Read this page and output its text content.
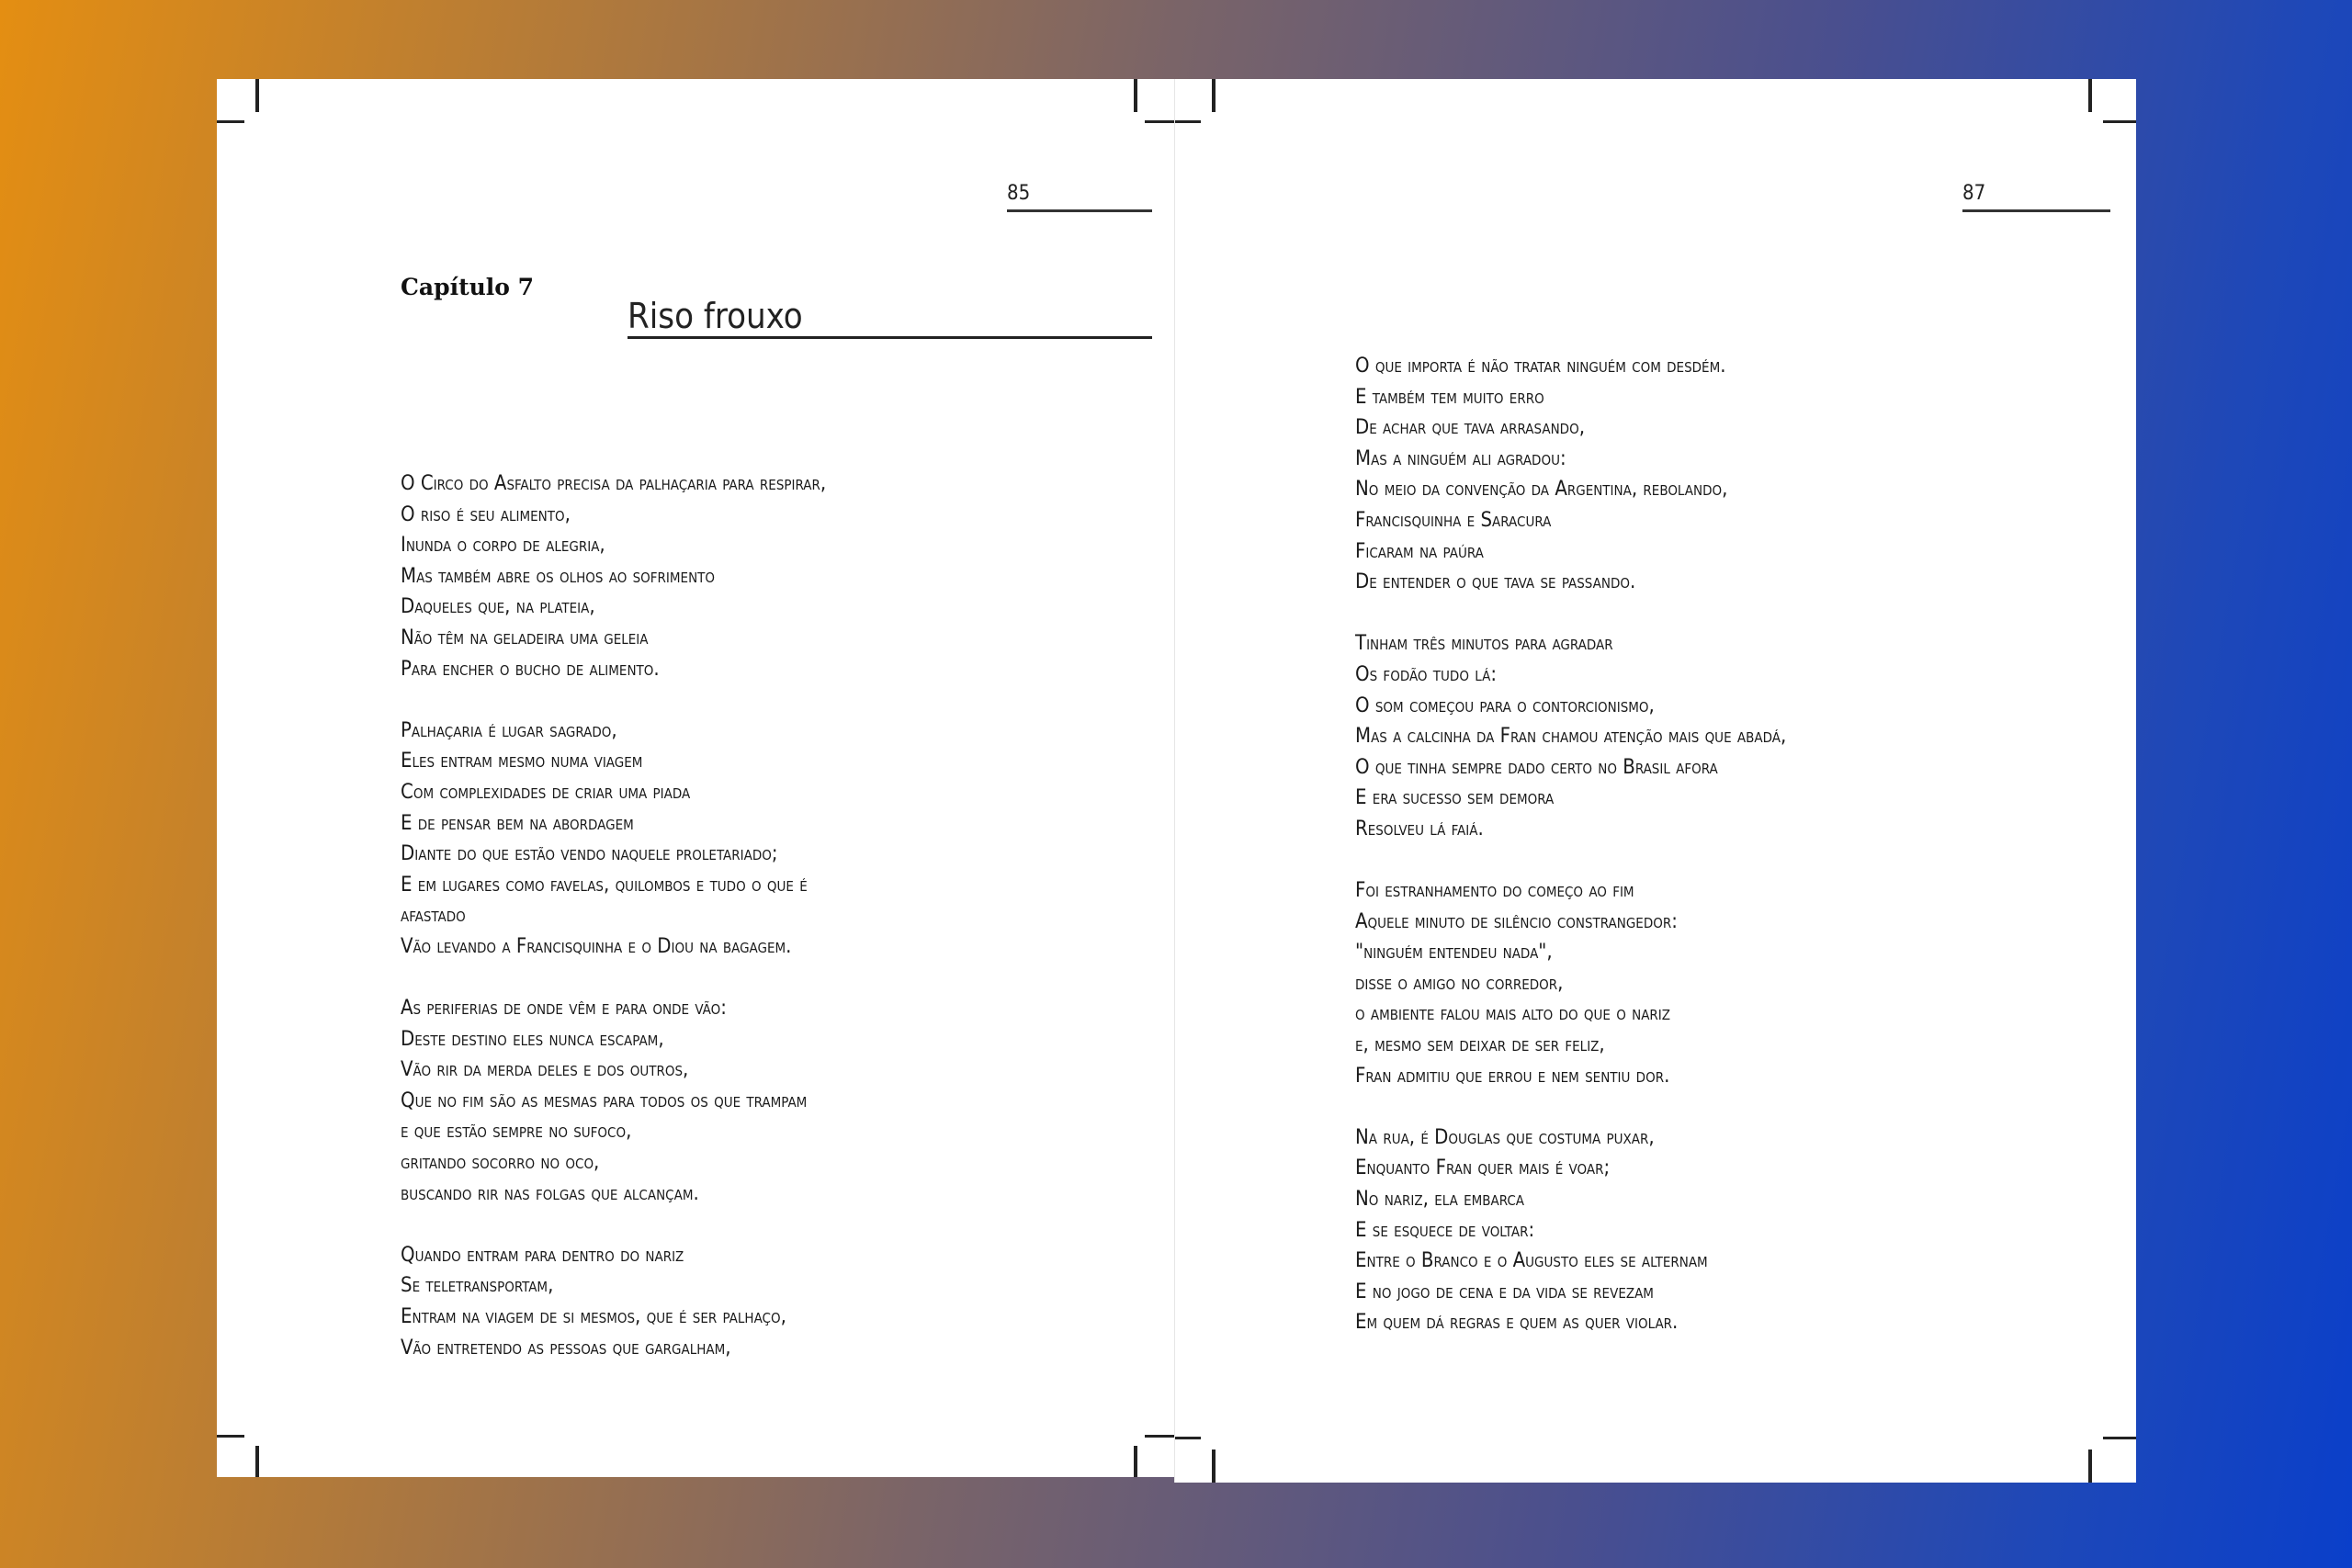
85
Capítulo 7
Riso frouxo
O Circo do Asfalto precisa da palhaçaria para respirar,
O riso é seu alimento,
Inunda o corpo de alegria,
Mas também abre os olhos ao sofrimento
Daqueles que, na plateia,
Não têm na geladeira uma geleia
Para encher o bucho de alimento.
Palhaçaria é lugar sagrado,
Eles entram mesmo numa viagem
Com complexidades de criar uma piada
E de pensar bem na abordagem
Diante do que estão vendo naquele proletariado;
E em lugares como favelas, quilombos e tudo o que é
afastado
Vão levando a Francisquinha e o Diou na bagagem.
As periferias de onde vêm e para onde vão:
Deste destino eles nunca escapam,
Vão rir da merda deles e dos outros,
Que no fim são as mesmas para todos os que trampam
e que estão sempre no sufoco,
gritando socorro no oco,
buscando rir nas folgas que alcançam.
Quando entram para dentro do nariz
Se teletransportam,
Entram na viagem de si mesmos, que é ser palhaço,
Vão entretendo as pessoas que gargalham,
87
O que importa é não tratar ninguém com desdém.
E também tem muito erro
De achar que tava arrasando,
Mas a ninguém ali agradou:
No meio da convenção da Argentina, rebolando,
Francisquinha e Saracura
Ficaram na paúra
De entender o que tava se passando.
Tinham três minutos para agradar
Os fodão tudo lá:
O som começou para o contorcionismo,
Mas a calcinha da Fran chamou atenção mais que abadá,
O que tinha sempre dado certo no Brasil afora
E era sucesso sem demora
Resolveu lá faiá.
Foi estranhamento do começo ao fim
Aquele minuto de silêncio constrangedor:
"ninguém entendeu nada",
disse o amigo no corredor,
o ambiente falou mais alto do que o nariz
e, mesmo sem deixar de ser feliz,
Fran admitiu que errou e nem sentiu dor.
Na rua, é Douglas que costuma puxar,
Enquanto Fran quer mais é voar;
No nariz, ela embarca
E se esquece de voltar:
Entre o Branco e o Augusto eles se alternam
E no jogo de cena e da vida se revezam
Em quem dá regras e quem as quer violar.
